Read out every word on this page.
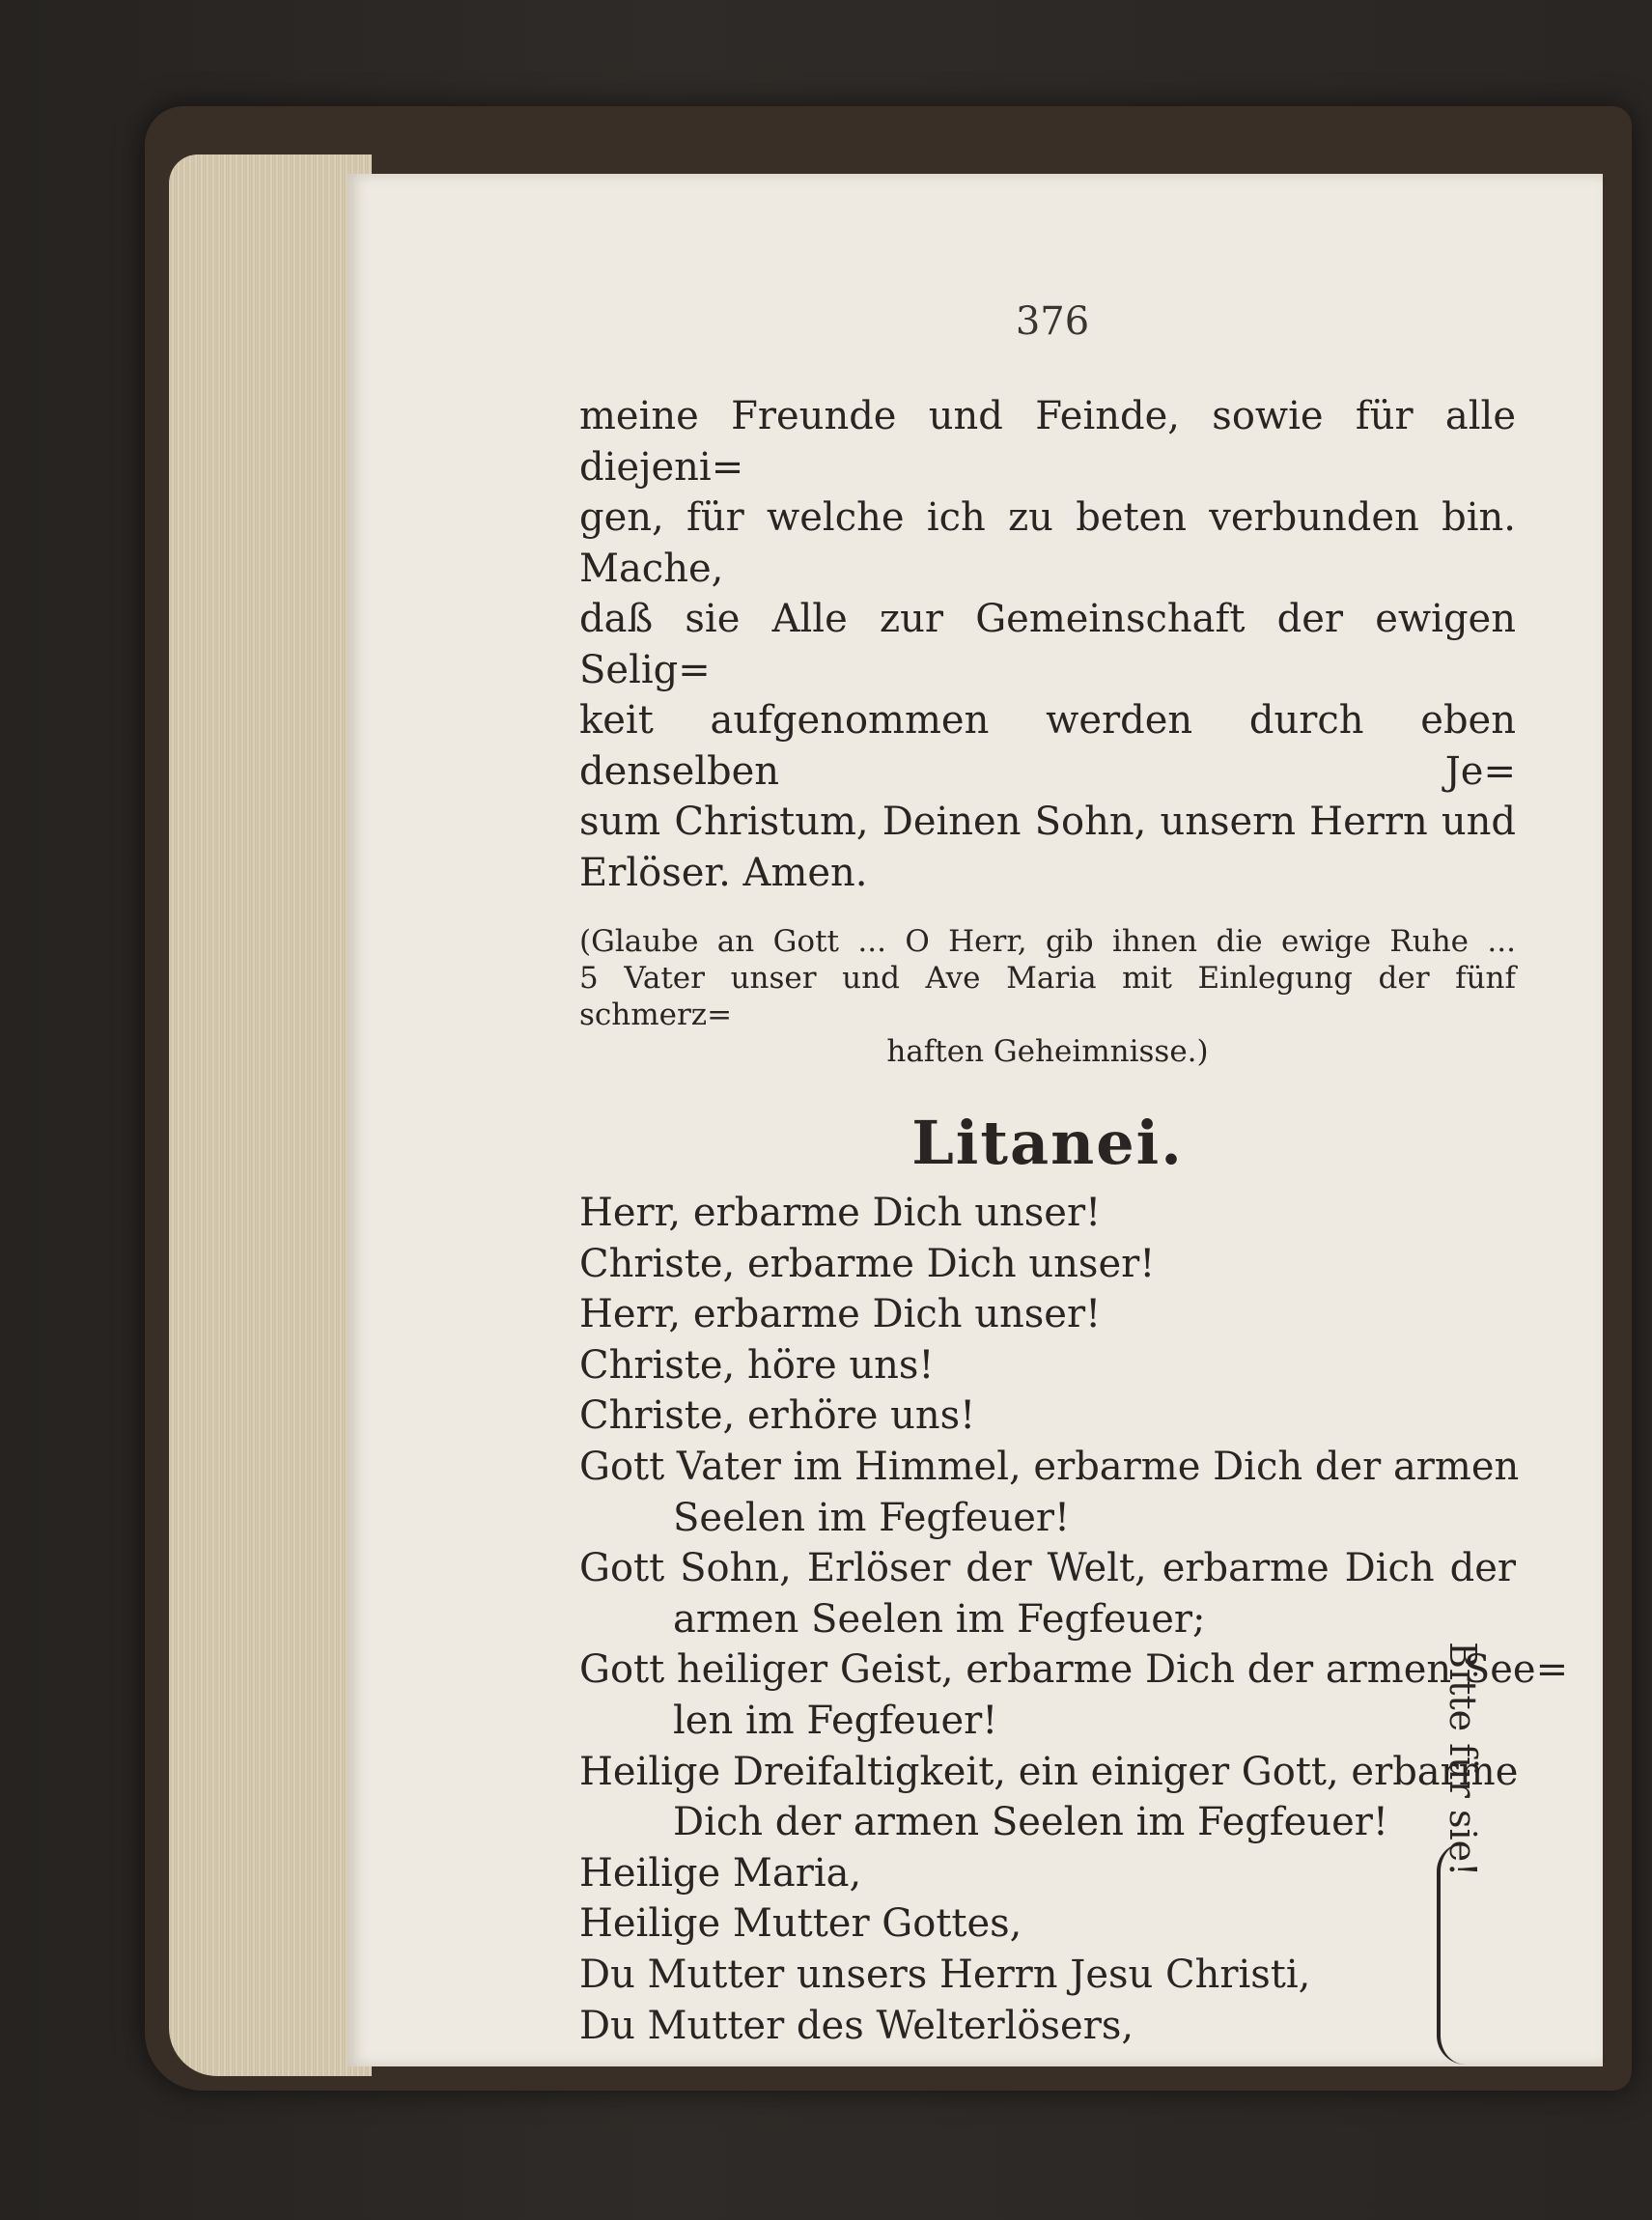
376
meine Freunde und Feinde, sowie für alle diejeni=
gen, für welche ich zu beten verbunden bin. Mache,
daß sie Alle zur Gemeinschaft der ewigen Selig=
keit aufgenommen werden durch eben denselben Je=
sum Christum, Deinen Sohn, unsern Herrn und
Erlöser. Amen.
(Glaube an Gott ... O Herr, gib ihnen die ewige Ruhe ...
5 Vater unser und Ave Maria mit Einlegung der fünf schmerz=
haften Geheimnisse.)
Litanei.
Herr, erbarme Dich unser!
Christe, erbarme Dich unser!
Herr, erbarme Dich unser!
Christe, höre uns!
Christe, erhöre uns!
Gott Vater im Himmel, erbarme Dich der armen
Seelen im Fegfeuer!
Gott Sohn, Erlöser der Welt, erbarme Dich der
armen Seelen im Fegfeuer;
Gott heiliger Geist, erbarme Dich der armen See=
len im Fegfeuer!
Heilige Dreifaltigkeit, ein einiger Gott, erbarme
Dich der armen Seelen im Fegfeuer!
Heilige Maria,
Heilige Mutter Gottes,
Du Mutter unsers Herrn Jesu Christi,
Du Mutter des Welterlösers,
Bitte für sie!
